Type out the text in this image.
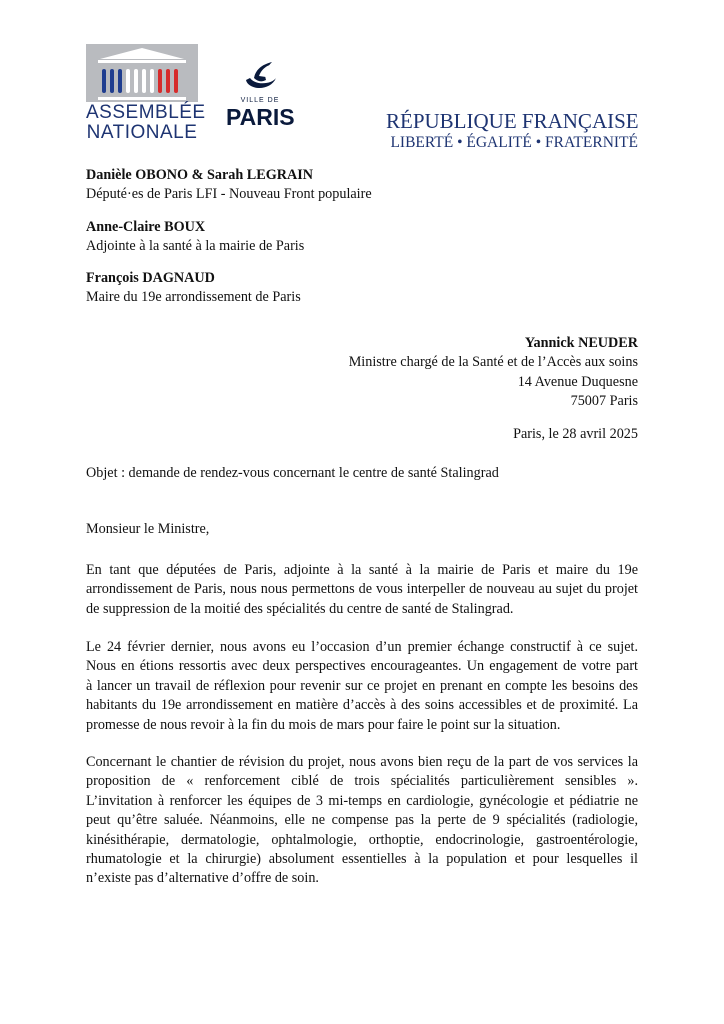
ASSEMBLÉE
NATIONALE
VILLE DE
PARIS	RÉPUBLIQUE FRANÇAISE
LIBERTÉ • ÉGALITÉ • FRATERNITÉ
Danièle OBONO & Sarah LEGRAIN
Député·es de Paris LFI - Nouveau Front populaire
Anne-Claire BOUX
Adjointe à la santé à la mairie de Paris
François DAGNAUD
Maire du 19e arrondissement de Paris
Yannick NEUDER
Ministre chargé de la Santé et de l’Accès aux soins
14 Avenue Duquesne
75007 Paris
Paris, le 28 avril 2025
Objet : demande de rendez-vous concernant le centre de santé Stalingrad
Monsieur le Ministre,
En tant que députées de Paris, adjointe à la santé à la mairie de Paris et maire du 19e
arrondissement de Paris, nous nous permettons de vous interpeller de nouveau au sujet du projet
de suppression de la moitié des spécialités du centre de santé de Stalingrad.
Le 24 février dernier, nous avons eu l’occasion d’un premier échange constructif à ce sujet.
Nous en étions ressortis avec deux perspectives encourageantes. Un engagement de votre part
à lancer un travail de réflexion pour revenir sur ce projet en prenant en compte les besoins des
habitants du 19e arrondissement en matière d’accès à des soins accessibles et de proximité. La
promesse de nous revoir à la fin du mois de mars pour faire le point sur la situation.
Concernant le chantier de révision du projet, nous avons bien reçu de la part de vos services la
proposition de « renforcement ciblé de trois spécialités particulièrement sensibles ».
L’invitation à renforcer les équipes de 3 mi-temps en cardiologie, gynécologie et pédiatrie ne
peut qu’être saluée. Néanmoins, elle ne compense pas la perte de 9 spécialités (radiologie,
kinésithérapie, dermatologie, ophtalmologie, orthoptie, endocrinologie, gastroentérologie,
rhumatologie et la chirurgie) absolument essentielles à la population et pour lesquelles il
n’existe pas d’alternative d’offre de soin.
